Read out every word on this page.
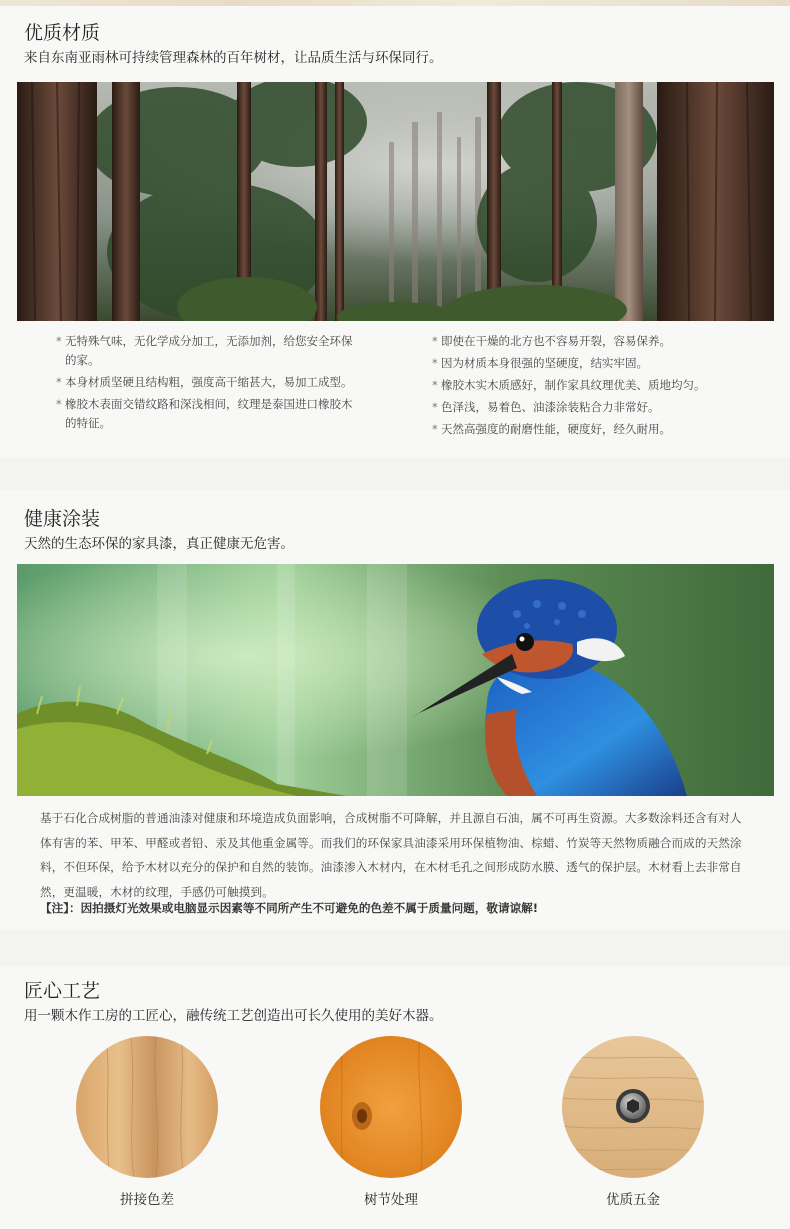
优质材质
来自东南亚雨林可持续管理森林的百年树材，让品质生活与环保同行。
* 无特殊气味，无化学成分加工，无添加剂，给您安全环保的家。
* 本身材质坚硬且结构粗，强度高干缩甚大，易加工成型。
* 橡胶木表面交错纹路和深浅相间，纹理是泰国进口橡胶木的特征。
* 即使在干燥的北方也不容易开裂，容易保养。
* 因为材质本身很强的坚硬度，结实牢固。
* 橡胶木实木质感好，制作家具纹理优美、质地均匀。
* 色泽浅，易着色、油漆涂装粘合力非常好。
* 天然高强度的耐磨性能，硬度好，经久耐用。
健康涂装
天然的生态环保的家具漆，真正健康无危害。
基于石化合成树脂的普通油漆对健康和环境造成负面影响，合成树脂不可降解，并且源自石油，属不可再生资源。大多数涂料还含有对人体有害的苯、甲苯、甲醛或者铅、汞及其他重金属等。而我们的环保家具油漆采用环保植物油、棕蜡、竹炭等天然物质融合而成的天然涂料，不但环保，给予木材以充分的保护和自然的装饰。油漆渗入木材内，在木材毛孔之间形成防水膜、透气的保护层。木材看上去非常自然，更温暖，木材的纹理，手感仍可触摸到。
【注】：因拍摄灯光效果或电脑显示因素等不同所产生不可避免的色差不属于质量问题，敬请谅解!
匠心工艺
用一颗木作工房的工匠心，融传统工艺创造出可长久使用的美好木器。
拼接色差	树节处理	优质五金
